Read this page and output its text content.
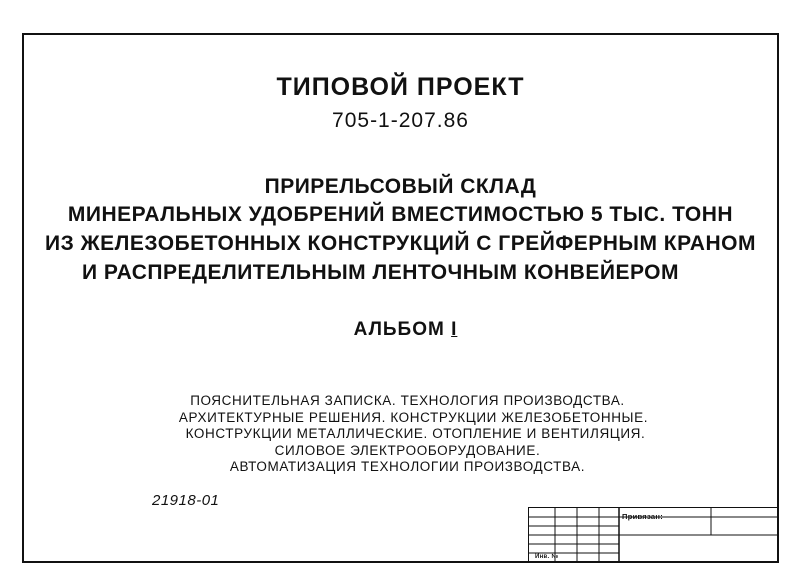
ТИПОВОЙ ПРОЕКТ
705-1-207.86
ПРИРЕЛЬСОВЫЙ СКЛАД
МИНЕРАЛЬНЫХ УДОБРЕНИЙ ВМЕСТИМОСТЬЮ 5 ТЫС. ТОНН
ИЗ ЖЕЛЕЗОБЕТОННЫХ КОНСТРУКЦИЙ С ГРЕЙФЕРНЫМ КРАНОМ
И РАСПРЕДЕЛИТЕЛЬНЫМ ЛЕНТОЧНЫМ КОНВЕЙЕРОМ
АЛЬБОМ I
ПОЯСНИТЕЛЬНАЯ ЗАПИСКА. ТЕХНОЛОГИЯ ПРОИЗВОДСТВА.
АРХИТЕКТУРНЫЕ РЕШЕНИЯ. КОНСТРУКЦИИ ЖЕЛЕЗОБЕТОННЫЕ.
КОНСТРУКЦИИ МЕТАЛЛИЧЕСКИЕ. ОТОПЛЕНИЕ И ВЕНТИЛЯЦИЯ.
СИЛОВОЕ ЭЛЕКТРООБОРУДОВАНИЕ.
АВТОМАТИЗАЦИЯ ТЕХНОЛОГИИ ПРОИЗВОДСТВА.
21918-01
Привязан:
Инв. №
